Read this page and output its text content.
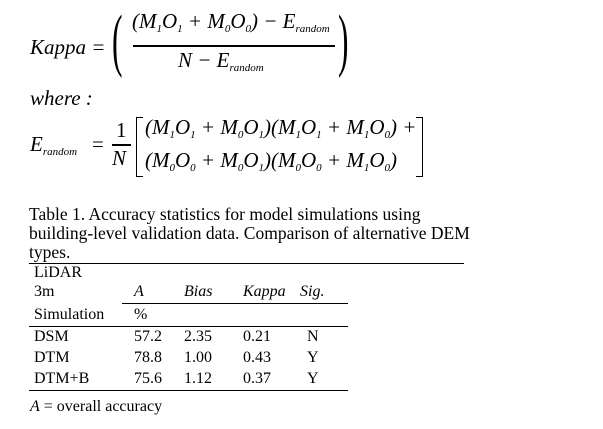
Kappa = ( $(M_1O_1 + M_0O_0) - E_{random}$
$N - E_{random}$ )
where :
$E_{random}$ =
1
N
$(M_1O_1 + M_0O_1)(M_1O_1 + M_1O_0)$ +
$(M_0O_0 + M_0O_1)(M_0O_0 + M_1O_0)$
Table 1. Accuracy statistics for model simulations using building-level validation data. Comparison of alternative DEM types.
LiDAR
3m	A	Bias Kappa Sig.
Simulation %
DSM	57.2 2.35 0.21 N
DTM	78.8 1.00 0.43 Y
DTM+B	75.6 1.12 0.37 Y
A = overall accuracy
